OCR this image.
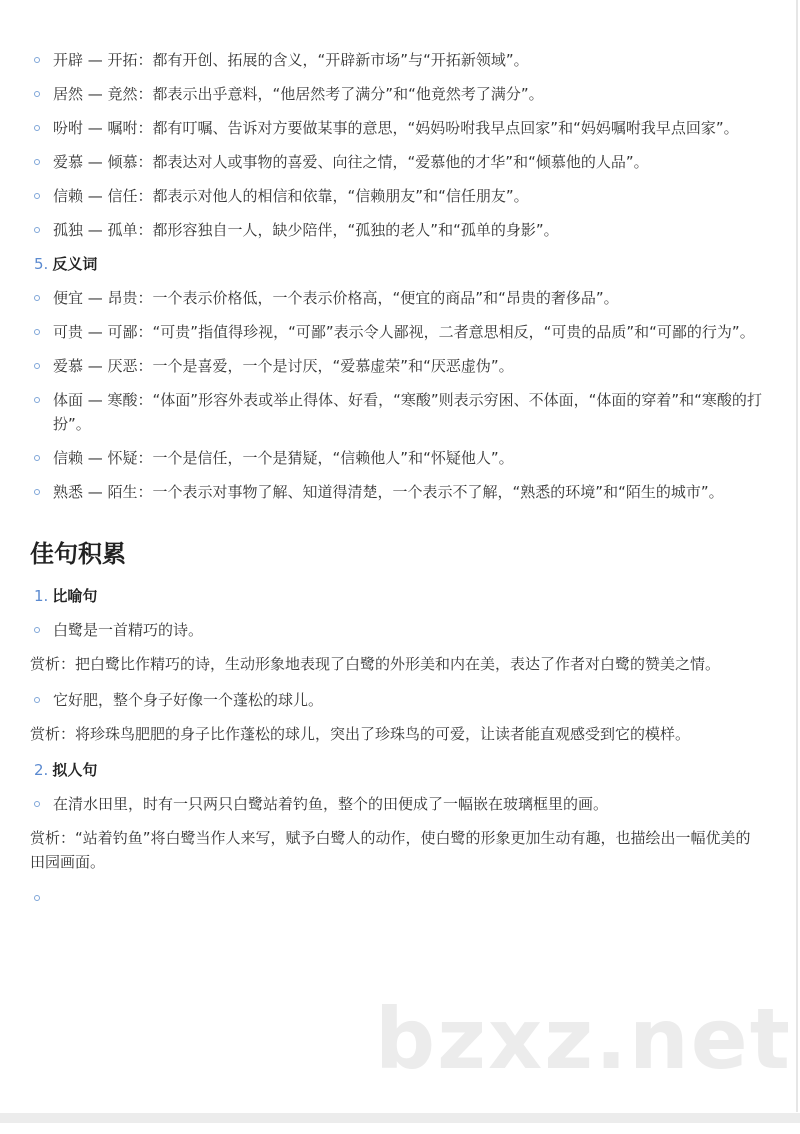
开辟 — 开拓：都有开创、拓展的含义，“开辟新市场”与“开拓新领域”。
居然 — 竟然：都表示出乎意料，“他居然考了满分”和“他竟然考了满分”。
吩咐 — 嘱咐：都有叮嘱、告诉对方要做某事的意思，“妈妈吩咐我早点回家”和“妈妈嘱咐我早点回家”。
爱慕 — 倾慕：都表达对人或事物的喜爱、向往之情，“爱慕他的才华”和“倾慕他的人品”。
信赖 — 信任：都表示对他人的相信和依靠，“信赖朋友”和“信任朋友”。
孤独 — 孤单：都形容独自一人，缺少陪伴，“孤独的老人”和“孤单的身影”。
5. 反义词
便宜 — 昂贵：一个表示价格低，一个表示价格高，“便宜的商品”和“昂贵的奢侈品”。
可贵 — 可鄙：“可贵”指值得珍视，“可鄙”表示令人鄙视，二者意思相反，“可贵的品质”和“可鄙的行为”。
爱慕 — 厌恶：一个是喜爱，一个是讨厌，“爱慕虚荣”和“厌恶虚伪”。
体面 — 寒酸：“体面”形容外表或举止得体、好看，“寒酸”则表示穷困、不体面，“体面的穿着”和“寒酸的打扮”。
信赖 — 怀疑：一个是信任，一个是猜疑，“信赖他人”和“怀疑他人”。
熟悉 — 陌生：一个表示对事物了解、知道得清楚，一个表示不了解，“熟悉的环境”和“陌生的城市”。
佳句积累
1. 比喻句
白鹭是一首精巧的诗。
赏析：把白鹭比作精巧的诗，生动形象地表现了白鹭的外形美和内在美，表达了作者对白鹭的赞美之情。
它好肥，整个身子好像一个蓬松的球儿。
赏析：将珍珠鸟肥肥的身子比作蓬松的球儿，突出了珍珠鸟的可爱，让读者能直观感受到它的模样。
2. 拟人句
在清水田里，时有一只两只白鹭站着钓鱼，整个的田便成了一幅嵌在玻璃框里的画。
赏析：“站着钓鱼”将白鹭当作人来写，赋予白鹭人的动作，使白鹭的形象更加生动有趣，也描绘出一幅优美的田园画面。

bzxz.net
